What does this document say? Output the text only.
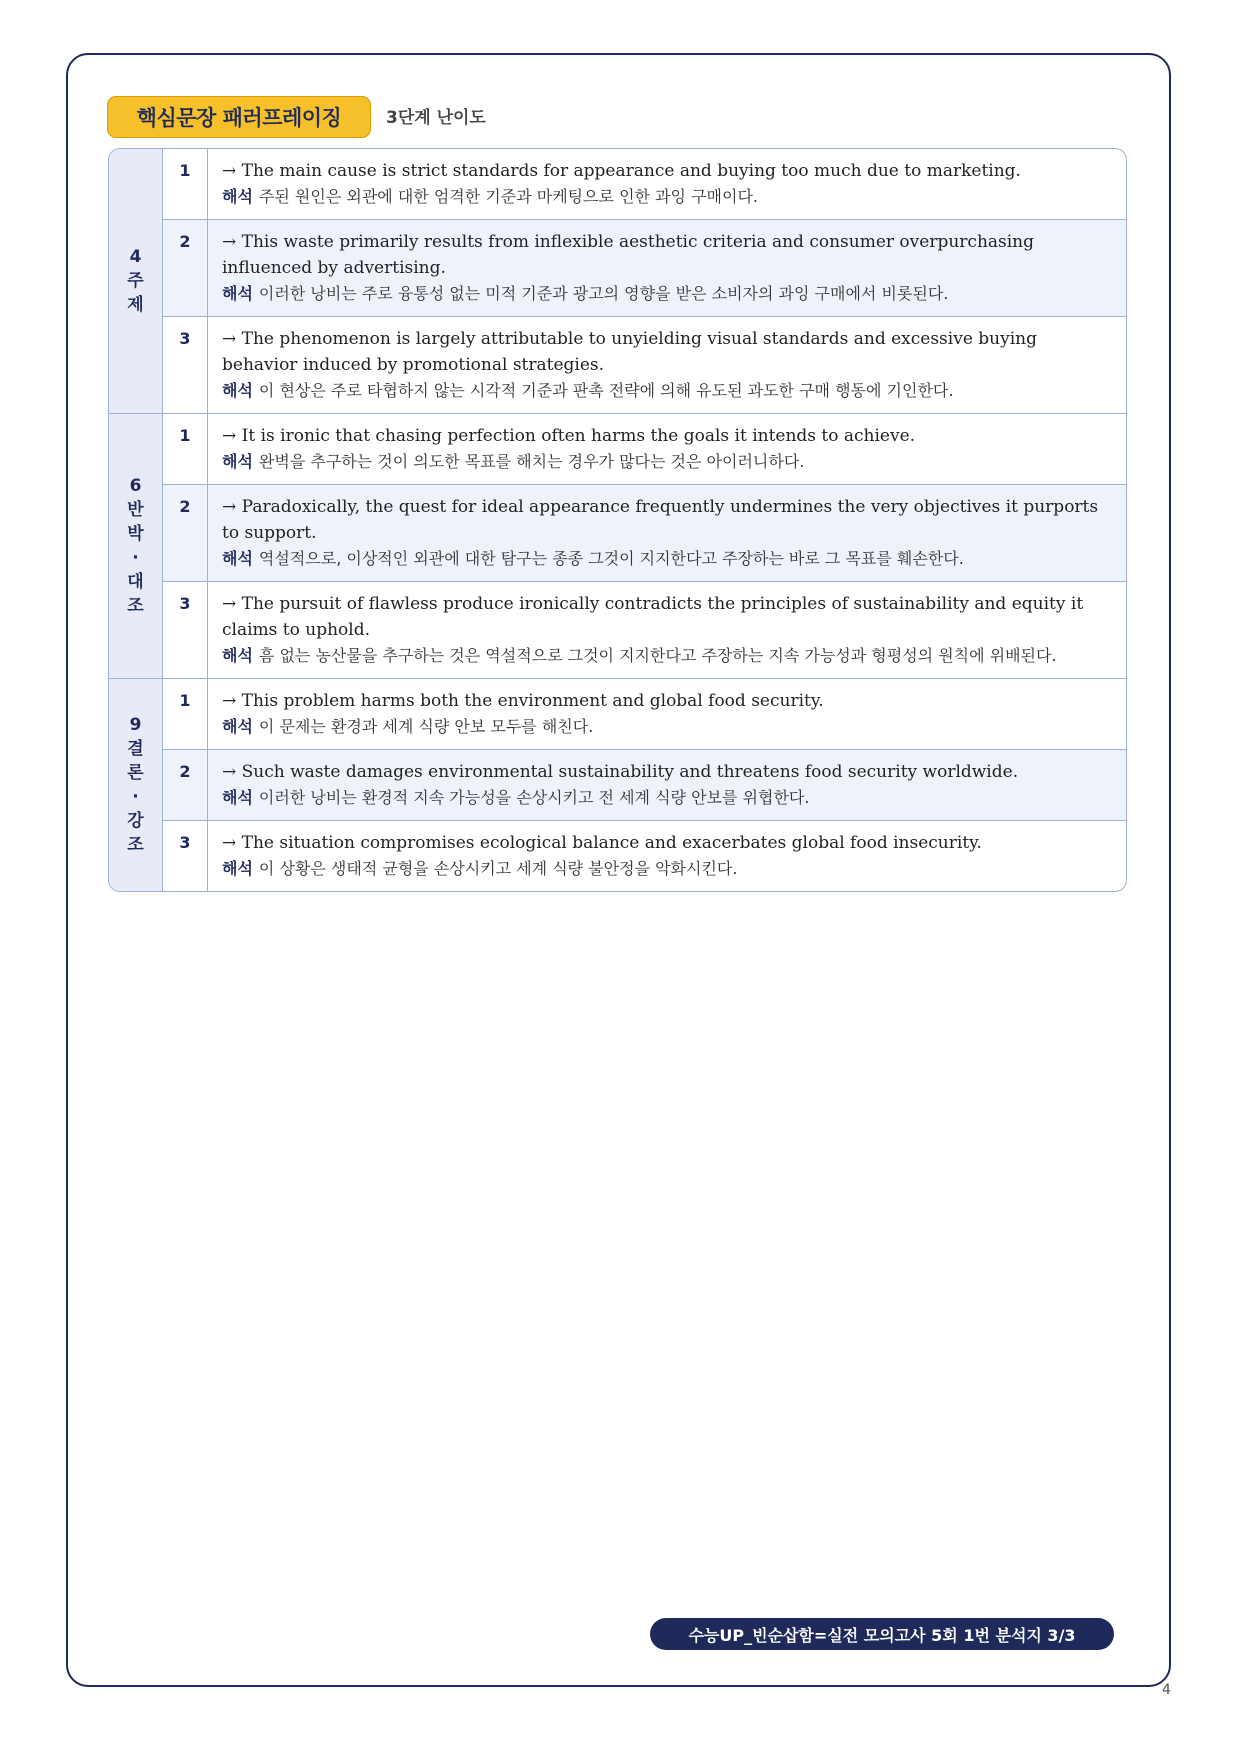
핵심문장 패러프레이징	3단계 난이도
4
주제
1	→ The main cause is strict standards for appearance and buying too much due to marketing.
해석 주된 원인은 외관에 대한 엄격한 기준과 마케팅으로 인한 과잉 구매이다.
2	→ This waste primarily results from inflexible aesthetic criteria and consumer overpurchasing influenced by advertising.
해석 이러한 낭비는 주로 융통성 없는 미적 기준과 광고의 영향을 받은 소비자의 과잉 구매에서 비롯된다.
3	→ The phenomenon is largely attributable to unyielding visual standards and excessive buying behavior induced by promotional strategies.
해석 이 현상은 주로 타협하지 않는 시각적 기준과 판촉 전략에 의해 유도된 과도한 구매 행동에 기인한다.
6
반박·대조
1	→ It is ironic that chasing perfection often harms the goals it intends to achieve.
해석 완벽을 추구하는 것이 의도한 목표를 해치는 경우가 많다는 것은 아이러니하다.
2	→ Paradoxically, the quest for ideal appearance frequently undermines the very objectives it purports to support.
해석 역설적으로, 이상적인 외관에 대한 탐구는 종종 그것이 지지한다고 주장하는 바로 그 목표를 훼손한다.
3	→ The pursuit of flawless produce ironically contradicts the principles of sustainability and equity it claims to uphold.
해석 흠 없는 농산물을 추구하는 것은 역설적으로 그것이 지지한다고 주장하는 지속 가능성과 형평성의 원칙에 위배된다.
9
결론·강조
1	→ This problem harms both the environment and global food security.
해석 이 문제는 환경과 세계 식량 안보 모두를 해친다.
2	→ Such waste damages environmental sustainability and threatens food security worldwide.
해석 이러한 낭비는 환경적 지속 가능성을 손상시키고 전 세계 식량 안보를 위협한다.
3	→ The situation compromises ecological balance and exacerbates global food insecurity.
해석 이 상황은 생태적 균형을 손상시키고 세계 식량 불안정을 악화시킨다.
수능UP_빈순삽함=실전 모의고사 5회 1번 분석지 3/3
4
